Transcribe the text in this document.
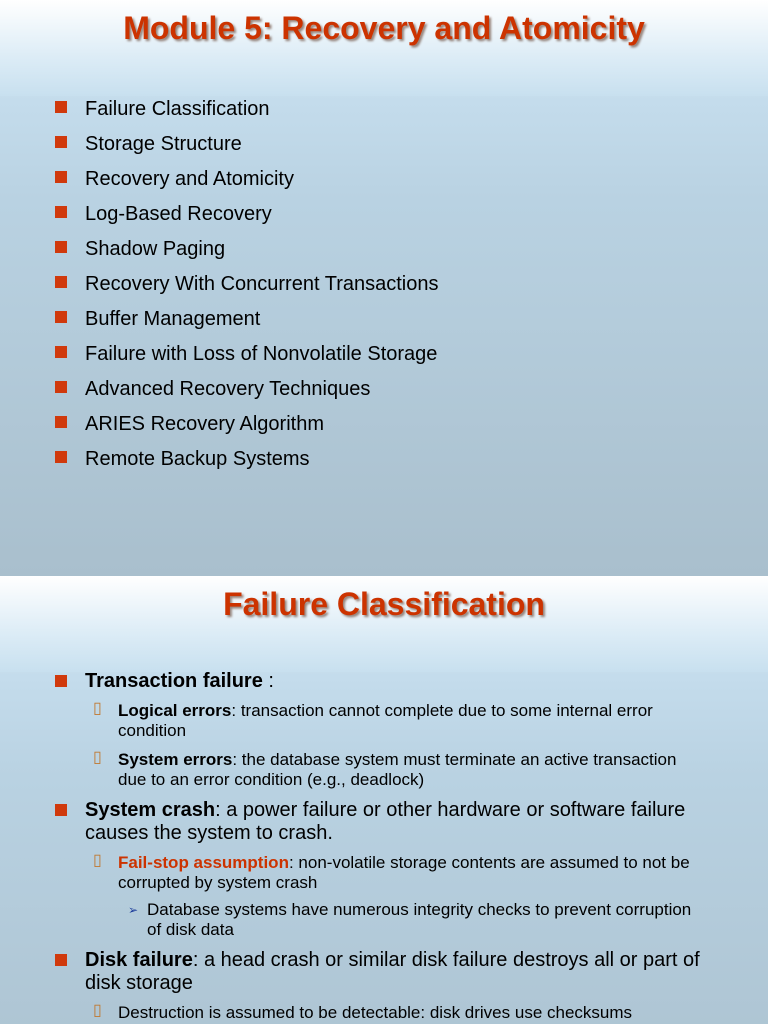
Module 5: Recovery and Atomicity
Failure Classification
Storage Structure
Recovery and Atomicity
Log-Based Recovery
Shadow Paging
Recovery With Concurrent Transactions
Buffer Management
Failure with Loss of Nonvolatile Storage
Advanced Recovery Techniques
ARIES Recovery Algorithm
Remote Backup Systems
Failure Classification
Transaction failure :
▯ Logical errors: transaction cannot complete due to some internal error condition
▯ System errors: the database system must terminate an active transaction due to an error condition (e.g., deadlock)
System crash: a power failure or other hardware or software failure causes the system to crash.
▯ Fail-stop assumption: non-volatile storage contents are assumed to not be corrupted by system crash
➢ Database systems have numerous integrity checks to prevent corruption of disk data
Disk failure: a head crash or similar disk failure destroys all or part of disk storage
▯ Destruction is assumed to be detectable: disk drives use checksums
